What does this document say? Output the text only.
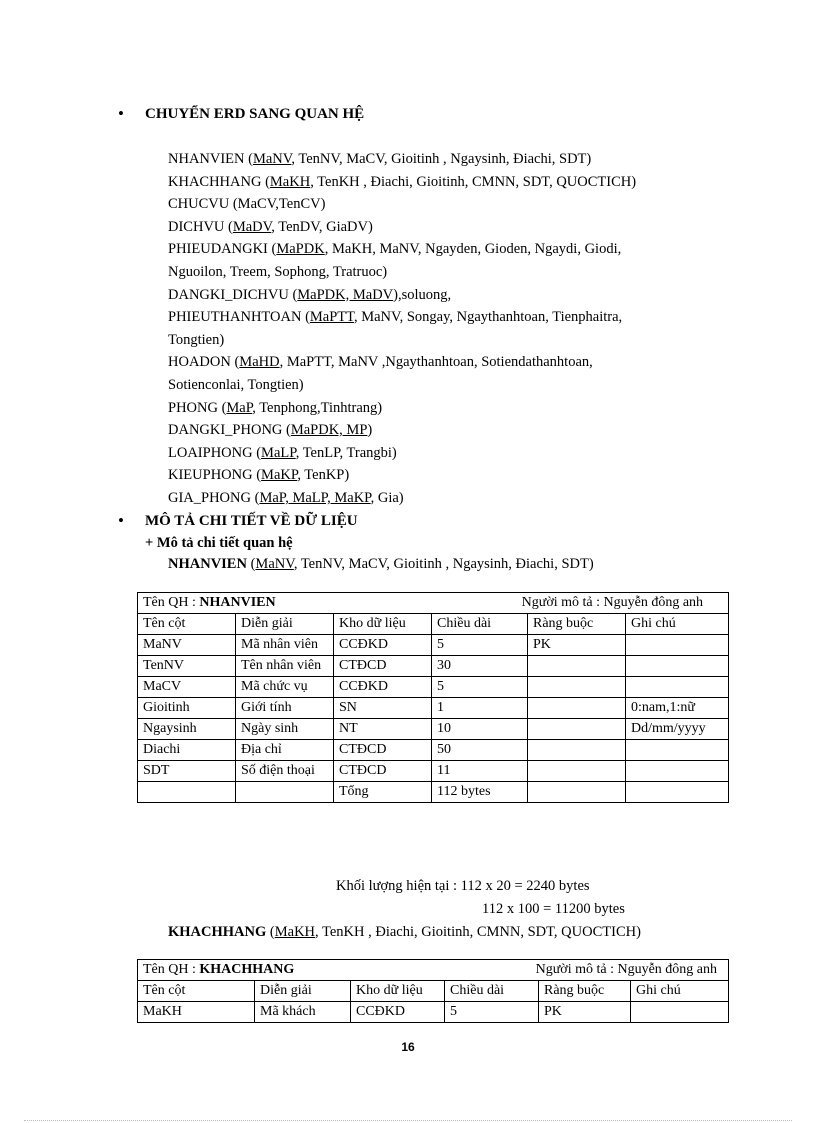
• CHUYỂN ERD SANG QUAN HỆ
NHANVIEN (MaNV, TenNV, MaCV, Gioitinh , Ngaysinh, Điachi, SDT)
KHACHHANG (MaKH, TenKH , Điachi, Gioitinh, CMNN, SDT, QUOCTICH)
CHUCVU (MaCV,TenCV)
DICHVU (MaDV, TenDV, GiaDV)
PHIEUDANGKI (MaPDK, MaKH, MaNV, Ngayden, Gioden, Ngaydi, Giodi,
Nguoilon, Treem, Sophong, Tratruoc)
DANGKI_DICHVU (MaPDK, MaDV),soluong,
PHIEUTHANHTOAN (MaPTT, MaNV, Songay, Ngaythanhtoan, Tienphaitra,
Tongtien)
HOADON (MaHD, MaPTT, MaNV ,Ngaythanhtoan, Sotiendathanhtoan,
Sotienconlai, Tongtien)
PHONG (MaP, Tenphong,Tinhtrang)
DANGKI_PHONG (MaPDK, MP)
LOAIPHONG (MaLP, TenLP, Trangbi)
KIEUPHONG (MaKP, TenKP)
GIA_PHONG (MaP, MaLP, MaKP, Gia)
• MÔ TẢ CHI TIẾT VỀ DỮ LIỆU
+ Mô tả chi tiết quan hệ
NHANVIEN (MaNV, TenNV, MaCV, Gioitinh , Ngaysinh, Điachi, SDT)
Tên QH : NHANVIEN Người mô tả : Nguyễn đông anh					

Tên cột	Diễn giải	Kho dữ liệu	Chiều dài	Ràng buộc	Ghi chú
MaNV	Mã nhân viên	CCĐKD	5	PK	
TenNV	Tên nhân viên	CTĐCD	30		
MaCV	Mã chức vụ	CCĐKD	5		
Gioitinh	Giới tính	SN	1		0:nam,1:nữ
Ngaysinh	Ngày sinh	NT	10		Dd/mm/yyyy
Diachi	Địa chỉ	CTĐCD	50		
SDT	Số điện thoại	CTĐCD	11		
		Tổng	112 bytes		
Khối lượng hiện tại : 112 x 20 = 2240 bytes
112 x 100 = 11200 bytes
KHACHHANG (MaKH, TenKH , Điachi, Gioitinh, CMNN, SDT, QUOCTICH)
Tên QH : KHACHHANG Người mô tả : Nguyễn đông anh					

Tên cột	Diễn giải	Kho dữ liệu	Chiều dài	Ràng buộc	Ghi chú
MaKH	Mã khách	CCĐKD	5	PK	
16
